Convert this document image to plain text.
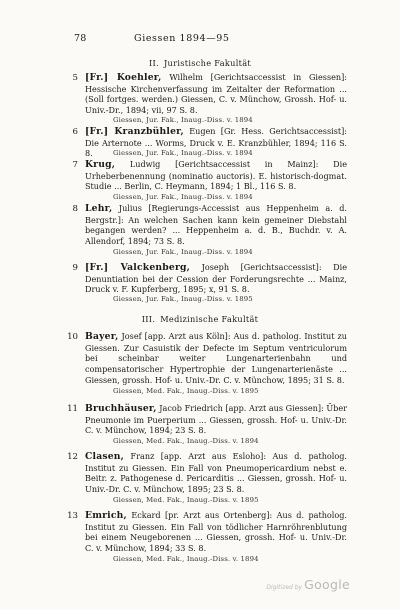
78	Giessen 1894—95
II. Juristische Fakultät
5 [Fr.] Koehler, Wilhelm [Gerichtsaccessist in Giessen]: Hessische Kirchenverfassung im Zeitalter der Reformation ... (Soll fortges. werden.) Giessen, C. v. Münchow, Grossh. Hof- u. Univ.-Dr., 1894; vii, 97 S. 8.
Giessen, Jur. Fak., Inaug.-Diss. v. 1894
6 [Fr.] Kranzbühler, Eugen [Gr. Hess. Gerichtsaccessist]: Die Arternote ... Worms, Druck v. E. Kranzbühler, 1894; 116 S. 8.	Giessen, Jur. Fak., Inaug.-Diss. v. 1894
7 Krug, Ludwig [Gerichtsaccessist in Mainz]: Die Urheberbenennung (nominatio auctoris). E. historisch-dogmat. Studie ... Berlin, C. Heymann, 1894; 1 Bl., 116 S. 8.
Giessen, Jur. Fak., Inaug.-Diss. v. 1894
8 Lehr, Julius [Regierungs-Accessist aus Heppenheim a. d. Bergstr.]: An welchen Sachen kann kein gemeiner Diebstahl begangen werden? ... Heppenheim a. d. B., Buchdr. v. A. Allendorf, 1894; 73 S. 8.
Giessen, Jur. Fak., Inaug.-Diss. v. 1894
9 [Fr.] Valckenberg, Joseph [Gerichtsaccessist]: Die Denuntiation bei der Cession der Forderungsrechte ... Mainz, Druck v. F. Kupferberg, 1895; x, 91 S. 8.
Giessen, Jur. Fak., Inaug.-Diss. v. 1895
III. Medizinische Fakultät
10 Bayer, Josef [app. Arzt aus Köln]: Aus d. patholog. Institut zu Giessen. Zur Casuistik der Defecte im Septum ventriculorum bei scheinbar weiter Lungenarterienbahn und compensatorischer Hypertrophie der Lungenarterienäste ... Giessen, grossh. Hof- u. Univ.-Dr. C. v. Münchow, 1895; 31 S. 8.
Giessen, Med. Fak., Inaug.-Diss. v. 1895
11 Bruchhäuser, Jacob Friedrich [app. Arzt aus Giessen]: Über Pneumonie im Puerperium ... Giessen, grossh. Hof- u. Univ.-Dr. C. v. Münchow, 1894; 23 S. 8.
Giessen, Med. Fak., Inaug.-Diss. v. 1894
12 Clasen, Franz [app. Arzt aus Esloho]: Aus d. patholog. Institut zu Giessen. Ein Fall von Pneumopericardium nebst e. Beitr. z. Pathogenese d. Pericarditis ... Giessen, grossh. Hof- u. Univ.-Dr. C. v. Münchow, 1895; 23 S. 8.
Giessen, Med. Fak., Inaug.-Diss. v. 1895
13 Emrich, Eckard [pr. Arzt aus Ortenberg]: Aus d. patholog. Institut zu Giessen. Ein Fall von tödlicher Harnröhrenblutung bei einem Neugeborenen ... Giessen, grossh. Hof- u. Univ.-Dr. C. v. Münchow, 1894; 33 S. 8.
Giessen, Med. Fak., Inaug.-Diss. v. 1894
Digitized by Google
